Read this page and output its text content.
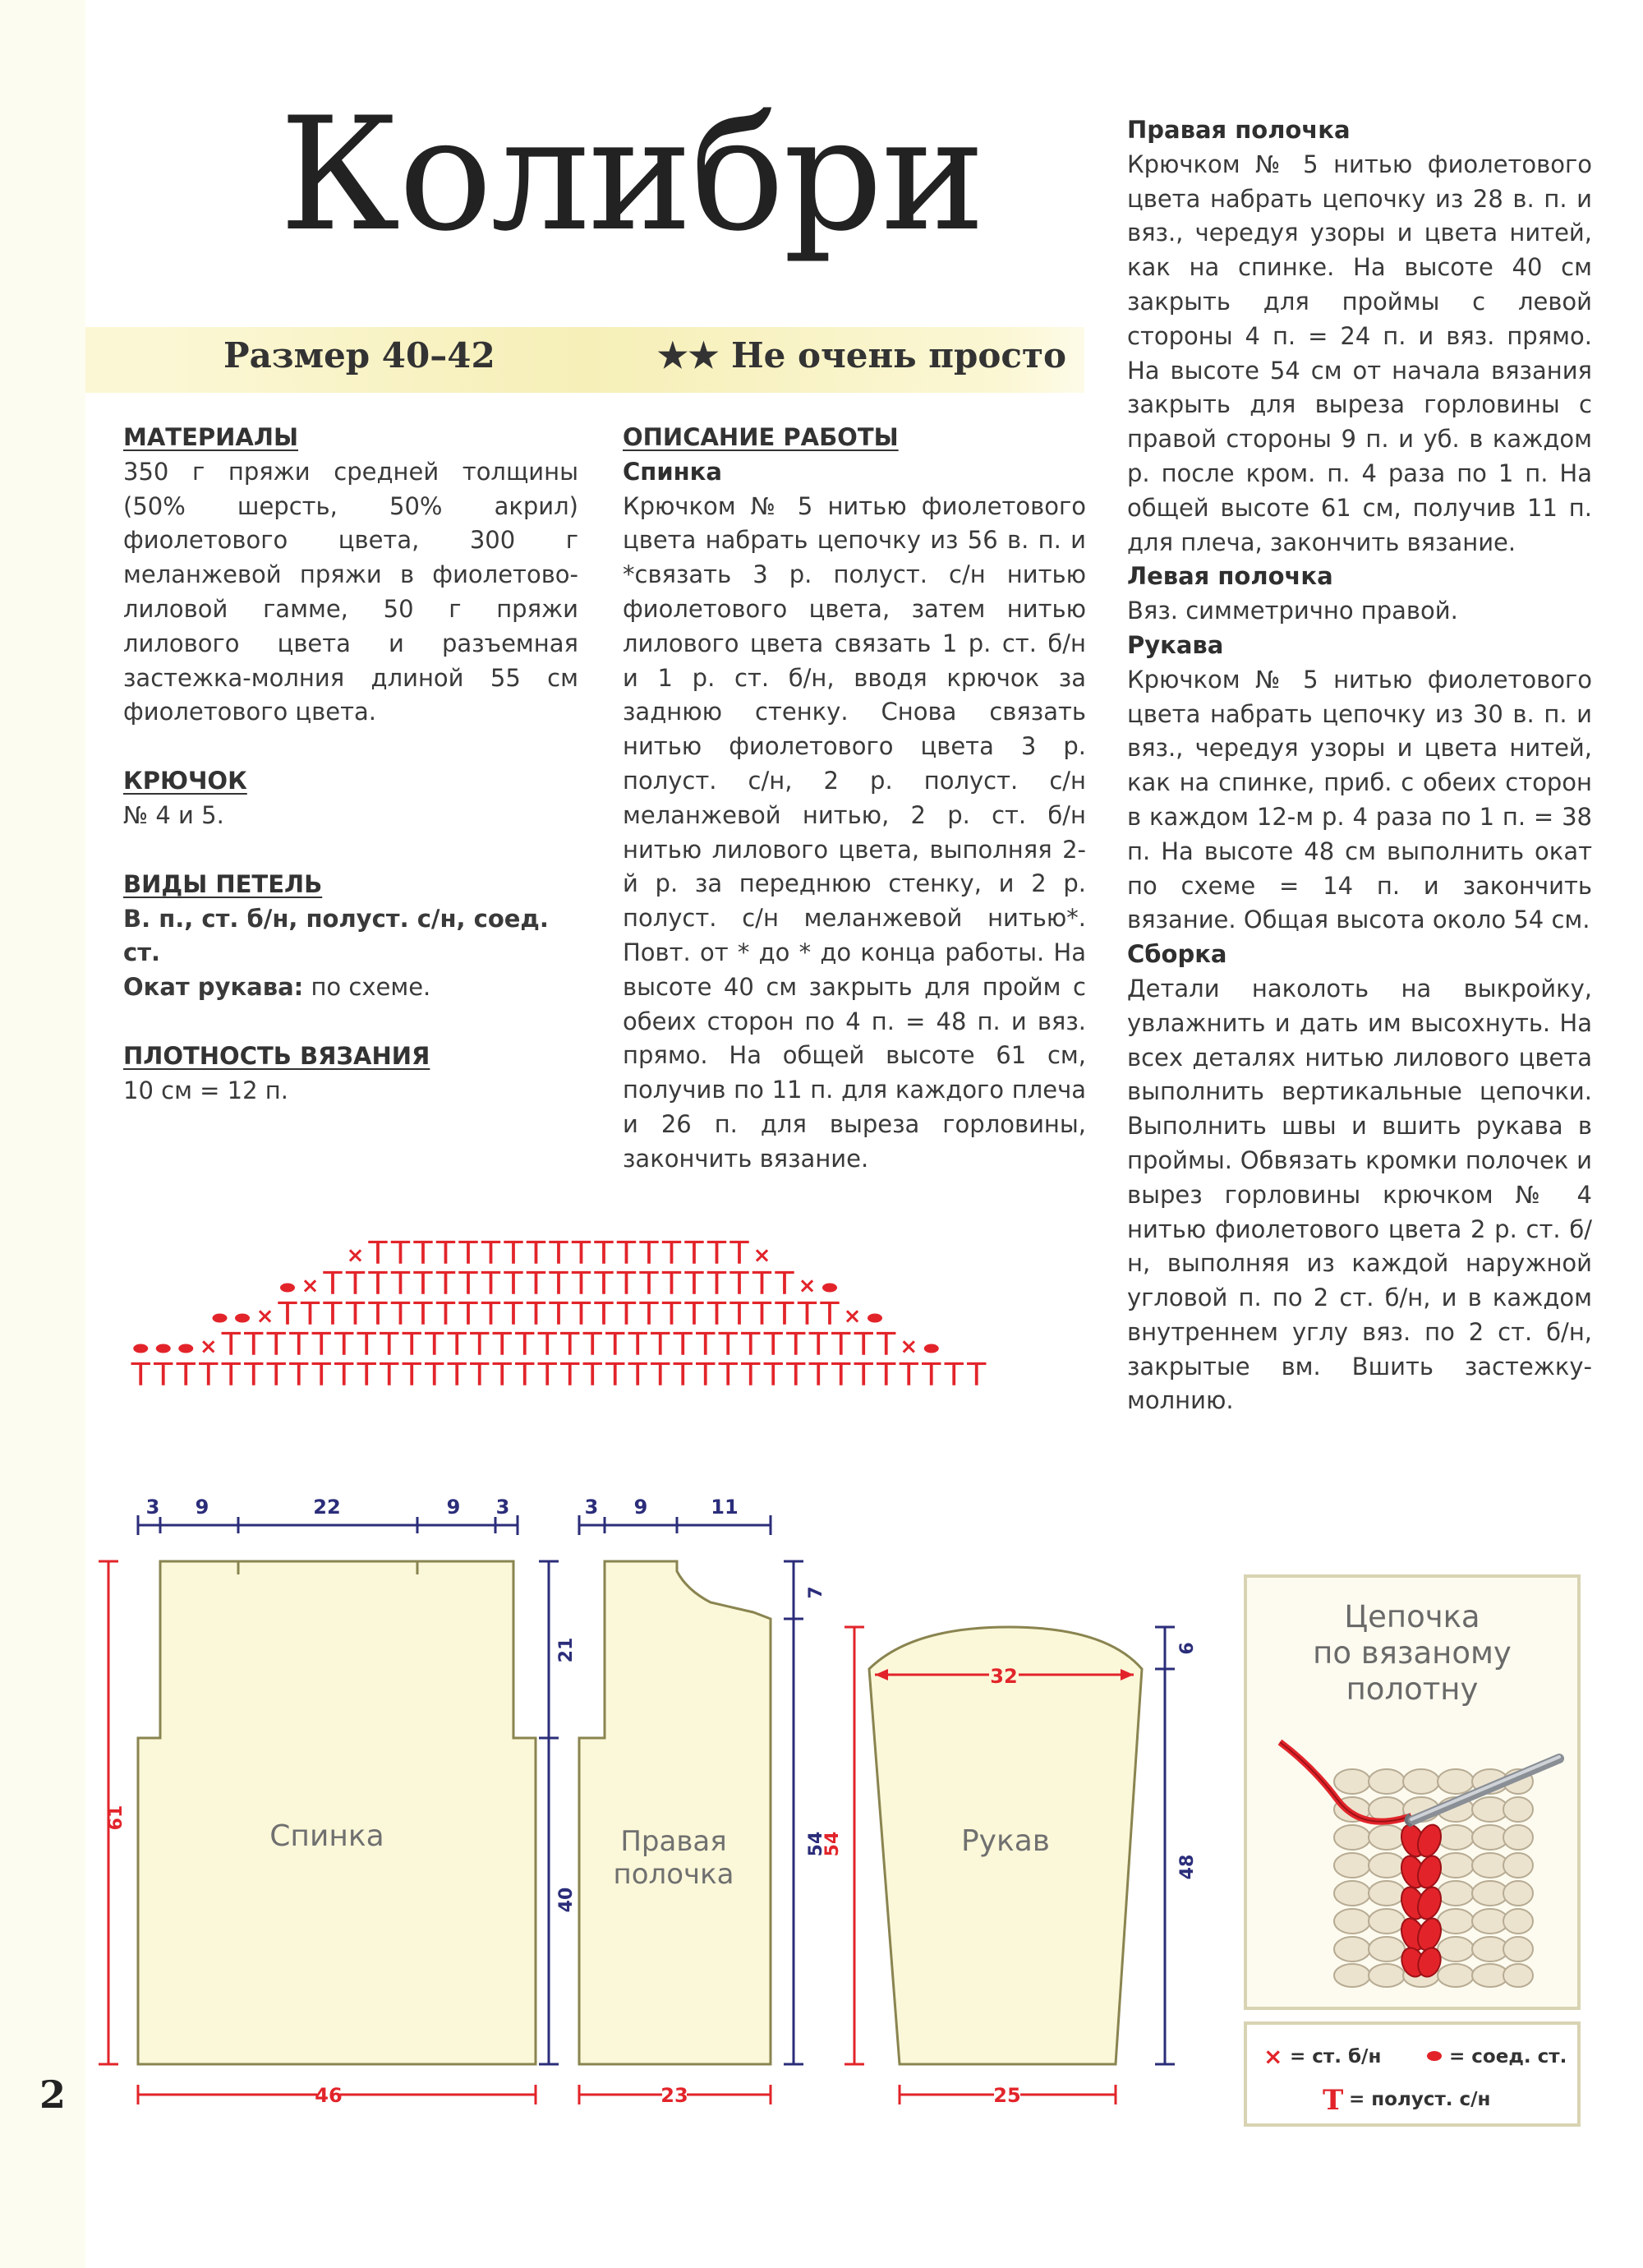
Колибри

Размер 40–42	★★ Не очень просто

МАТЕРИАЛЫ

350 г пряжи средней толщины (50% шерсть, 50% акрил) фиолетового цвета, 300 г меланжевой пряжи в фиолетово-лиловой гамме, 50 г пряжи лилового цвета и разъемная застежка-молния длиной 55 см фиолетового цвета.

КРЮЧОК

№ 4 и 5.

ВИДЫ ПЕТЕЛЬ

В. п., ст. б/н, полуст. с/н, соед. ст.

Окат рукава: по схеме.

ПЛОТНОСТЬ ВЯЗАНИЯ

10 см = 12 п.

ОПИСАНИЕ РАБОТЫ

Спинка

Крючком № 5 нитью фиолетового цвета набрать цепочку из 56 в. п. и *связать 3 р. полуст. с/н нитью фиолетового цвета, затем нитью лилового цвета связать 1 р. ст. б/н и 1 р. ст. б/н, вводя крючок за заднюю стенку. Снова связать нитью фиолетового цвета 3 р. полуст. с/н, 2 р. полуст. с/н меланжевой нитью, 2 р. ст. б/н нитью лилового цвета, выполняя 2-й р. за переднюю стенку, и 2 р. полуст. с/н меланжевой нитью*. Повт. от * до * до конца работы. На высоте 40 см закрыть для пройм с обеих сторон по 4 п. = 48 п. и вяз. прямо. На общей высоте 61 см, получив по 11 п. для каждого плеча и 26 п. для выреза горловины, закончить вязание.

Правая полочка

Крючком № 5 нитью фиолетового цвета набрать цепочку из 28 в. п. и вяз., чередуя узоры и цвета нитей, как на спинке. На высоте 40 см закрыть для проймы с левой стороны 4 п. = 24 п. и вяз. прямо. На высоте 54 см от начала вязания закрыть для выреза горловины с правой стороны 9 п. и уб. в каждом р. после кром. п. 4 раза по 1 п. На общей высоте 61 см, получив 11 п. для плеча, закончить вязание.

Левая полочка

Вяз. симметрично правой.

Рукава

Крючком № 5 нитью фиолетового цвета набрать цепочку из 30 в. п. и вяз., чередуя узоры и цвета нитей, как на спинке, приб. с обеих сторон в каждом 12-м р. 4 раза по 1 п. = 38 п. На высоте 48 см выполнить окат по схеме = 14 п. и закончить вязание. Общая высота около 54 см.

Сборка

Детали наколоть на выкройку, увлажнить и дать им высохнуть. На всех деталях нитью лилового цвета выполнить вертикальные цепочки. Выполнить швы и вшить рукава в проймы. Обвязать кромки полочек и вырез горловины крючком № 4 нитью фиолетового цвета 2 р. ст. б/н, выполняя из каждой наружной угловой п. по 2 ст. б/н, и в каждом внутреннем углу вяз. по 2 ст. б/н, закрытые вм. Вшить застежку-молнию.

× T T T T T T T T T T T T T T T T T ×
× T T T T T T T T T T T T T T T T T T T T T ×
× T T T T T T T T T T T T T T T T T T T T T T T T T ×
× T T T T T T T T T T T T T T T T T T T T T T T T T T T T T T ×
T T T T T T T T T T T T T T T T T T T T T T T T T T T T T T T T T T T T T T
Спинка
3 9	22	9 3
61
21
40
46
Правая
полочка
3 9	11
7
54
23
Рукав
32
54
6
48
25

Цепочка
по вязаному
полотну

× = ст. б/н	= соед. ст.
T = полуст. с/н

2
